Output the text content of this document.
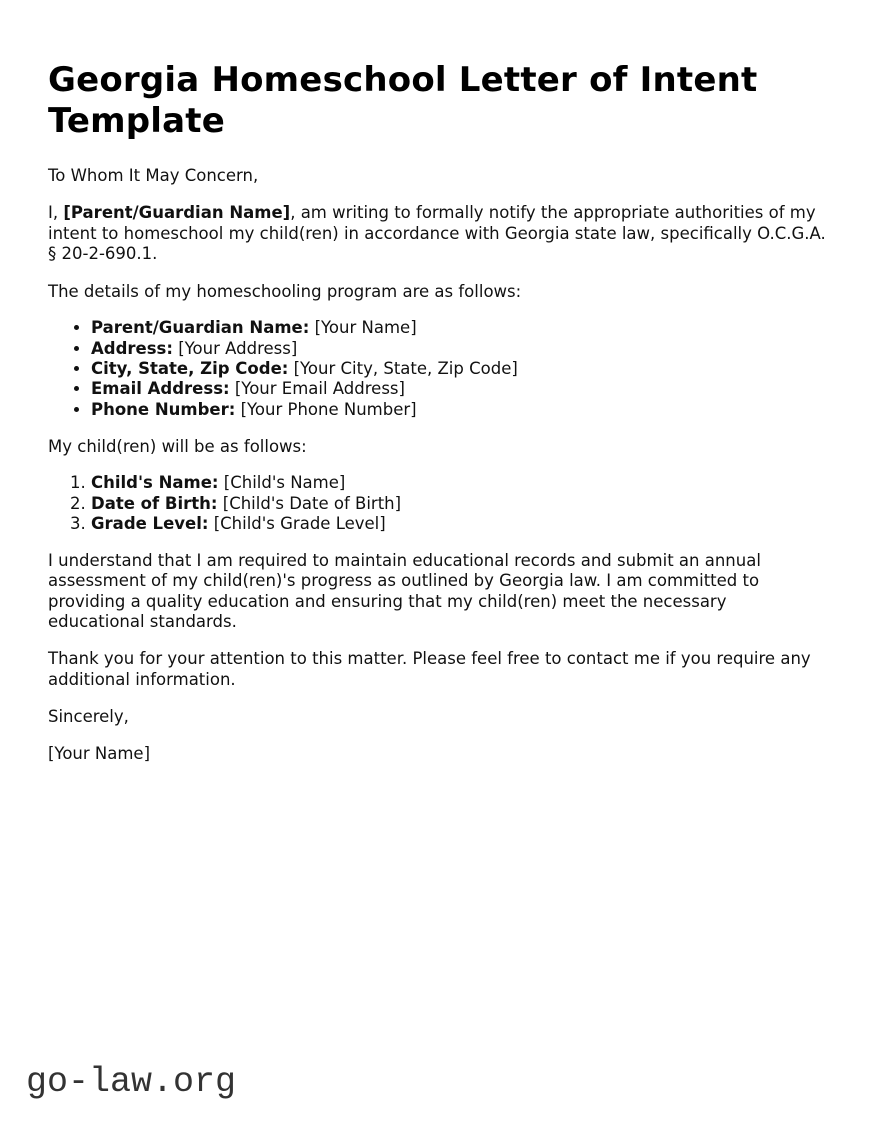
Georgia Homeschool Letter of Intent Template

To Whom It May Concern,

I, [Parent/Guardian Name], am writing to formally notify the appropriate authorities of my intent to homeschool my child(ren) in accordance with Georgia state law, specifically O.C.G.A. § 20-2-690.1.

The details of my homeschooling program are as follows:

• Parent/Guardian Name: [Your Name]
• Address: [Your Address]
• City, State, Zip Code: [Your City, State, Zip Code]
• Email Address: [Your Email Address]
• Phone Number: [Your Phone Number]

My child(ren) will be as follows:

1. Child's Name: [Child's Name]
2. Date of Birth: [Child's Date of Birth]
3. Grade Level: [Child's Grade Level]

I understand that I am required to maintain educational records and submit an annual assessment of my child(ren)'s progress as outlined by Georgia law. I am committed to providing a quality education and ensuring that my child(ren) meet the necessary educational standards.

Thank you for your attention to this matter. Please feel free to contact me if you require any additional information.

Sincerely,

[Your Name]

go-law.org
